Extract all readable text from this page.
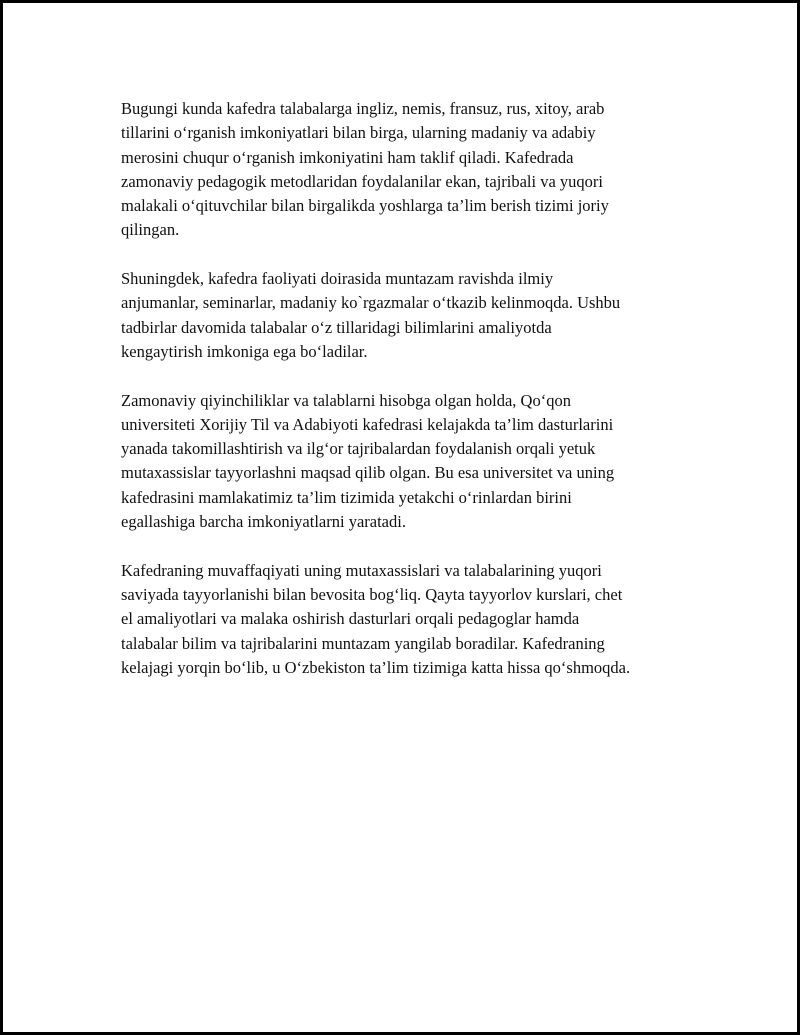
Bugungi kunda kafedra talabalarga ingliz, nemis, fransuz, rus, xitoy, arab
tillarini o‘rganish imkoniyatlari bilan birga, ularning madaniy va adabiy
merosini chuqur o‘rganish imkoniyatini ham taklif qiladi. Kafedrada
zamonaviy pedagogik metodlaridan foydalanilar ekan, tajribali va yuqori
malakali o‘qituvchilar bilan birgalikda yoshlarga ta’lim berish tizimi joriy
qilingan.

Shuningdek, kafedra faoliyati doirasida muntazam ravishda ilmiy
anjumanlar, seminarlar, madaniy ko`rgazmalar o‘tkazib kelinmoqda. Ushbu
tadbirlar davomida talabalar o‘z tillaridagi bilimlarini amaliyotda
kengaytirish imkoniga ega bo‘ladilar.

Zamonaviy qiyinchiliklar va talablarni hisobga olgan holda, Qo‘qon
universiteti Xorijiy Til va Adabiyoti kafedrasi kelajakda ta’lim dasturlarini
yanada takomillashtirish va ilg‘or tajribalardan foydalanish orqali yetuk
mutaxassislar tayyorlashni maqsad qilib olgan. Bu esa universitet va uning
kafedrasini mamlakatimiz ta’lim tizimida yetakchi o‘rinlardan birini
egallashiga barcha imkoniyatlarni yaratadi.

Kafedraning muvaffaqiyati uning mutaxassislari va talabalarining yuqori
saviyada tayyorlanishi bilan bevosita bog‘liq. Qayta tayyorlov kurslari, chet
el amaliyotlari va malaka oshirish dasturlari orqali pedagoglar hamda
talabalar bilim va tajribalarini muntazam yangilab boradilar. Kafedraning
kelajagi yorqin bo‘lib, u O‘zbekiston ta’lim tizimiga katta hissa qo‘shmoqda.
